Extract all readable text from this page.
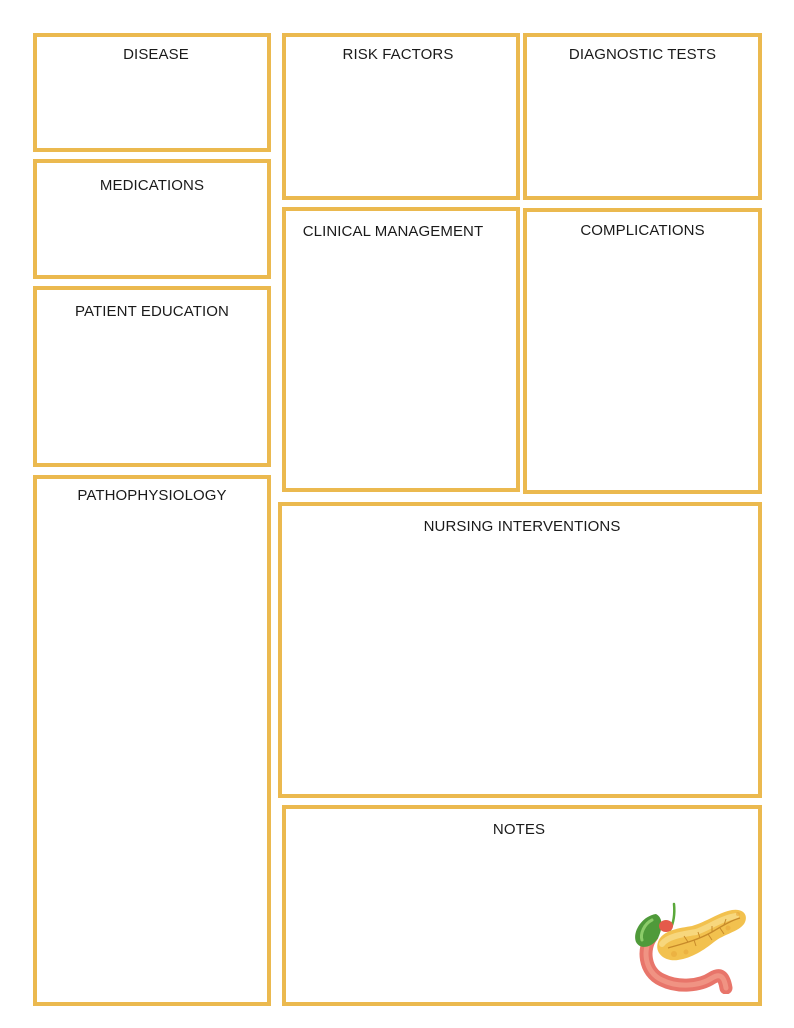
DISEASE
MEDICATIONS
PATIENT EDUCATION
PATHOPHYSIOLOGY
RISK FACTORS
CLINICAL MANAGEMENT
DIAGNOSTIC TESTS
COMPLICATIONS
NURSING INTERVENTIONS
NOTES
